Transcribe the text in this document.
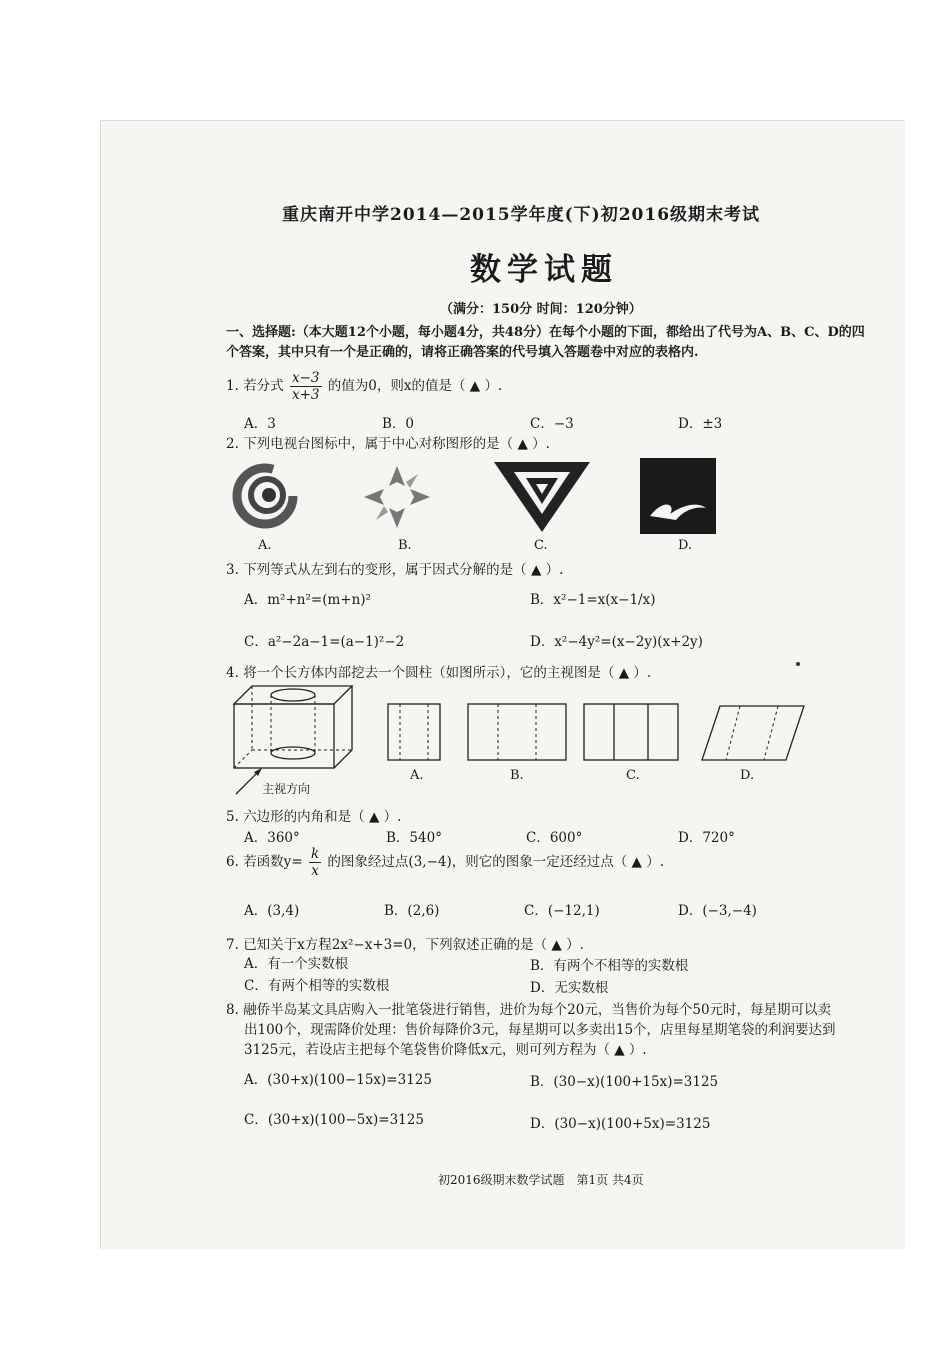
重庆南开中学2014—2015学年度(下)初2016级期末考试
数学试题
（满分：150分 时间：120分钟）
一、选择题:（本大题12个小题，每小题4分，共48分）在每个小题的下面，都给出了代号为A、B、C、D的四个答案，其中只有一个是正确的，请将正确答案的代号填入答题卷中对应的表格内.
1. 若分式 $\frac{x-3}{x+3}$ 的值为0，则x的值是（ ▲ ）.
A．3	B．0	C．−3	D．±3
2. 下列电视台图标中，属于中心对称图形的是（ ▲ ）.
A.	B.	C.	D.
3. 下列等式从左到右的变形，属于因式分解的是（ ▲ ）.
A．m²+n²=(m+n)²	B．x²−1=x(x−1/x)
C．a²−2a−1=(a−1)²−2	D．x²−4y²=(x−2y)(x+2y)
4. 将一个长方体内部挖去一个圆柱（如图所示），它的主视图是（ ▲ ）.
主视方向
A.	B.	C.	D.
5. 六边形的内角和是（ ▲ ）.
A．360°	B．540°	C．600°	D．720°
6. 若函数$y= \frac{k}{x}$ 的图象经过点(3,−4)，则它的图象一定还经过点（ ▲ ）.
A．(3,4)	B．(2,6)	C．(−12,1)	D．(−3,−4)
7. 已知关于x方程2x²−x+3=0，下列叙述正确的是（ ▲ ）.
A．有一个实数根	B．有两个不相等的实数根
C．有两个相等的实数根	D．无实数根
8. 融侨半岛某文具店购入一批笔袋进行销售，进价为每个20元，当售价为每个50元时，每星期可以卖
出100个，现需降价处理：售价每降价3元，每星期可以多卖出15个，店里每星期笔袋的利润要达到
3125元，若设店主把每个笔袋售价降低x元，则可列方程为（ ▲ ）.
A．(30+x)(100−15x)=3125	B．(30−x)(100+15x)=3125
C．(30+x)(100−5x)=3125	D．(30−x)(100+5x)=3125
初2016级期末数学试题　第1页 共4页
